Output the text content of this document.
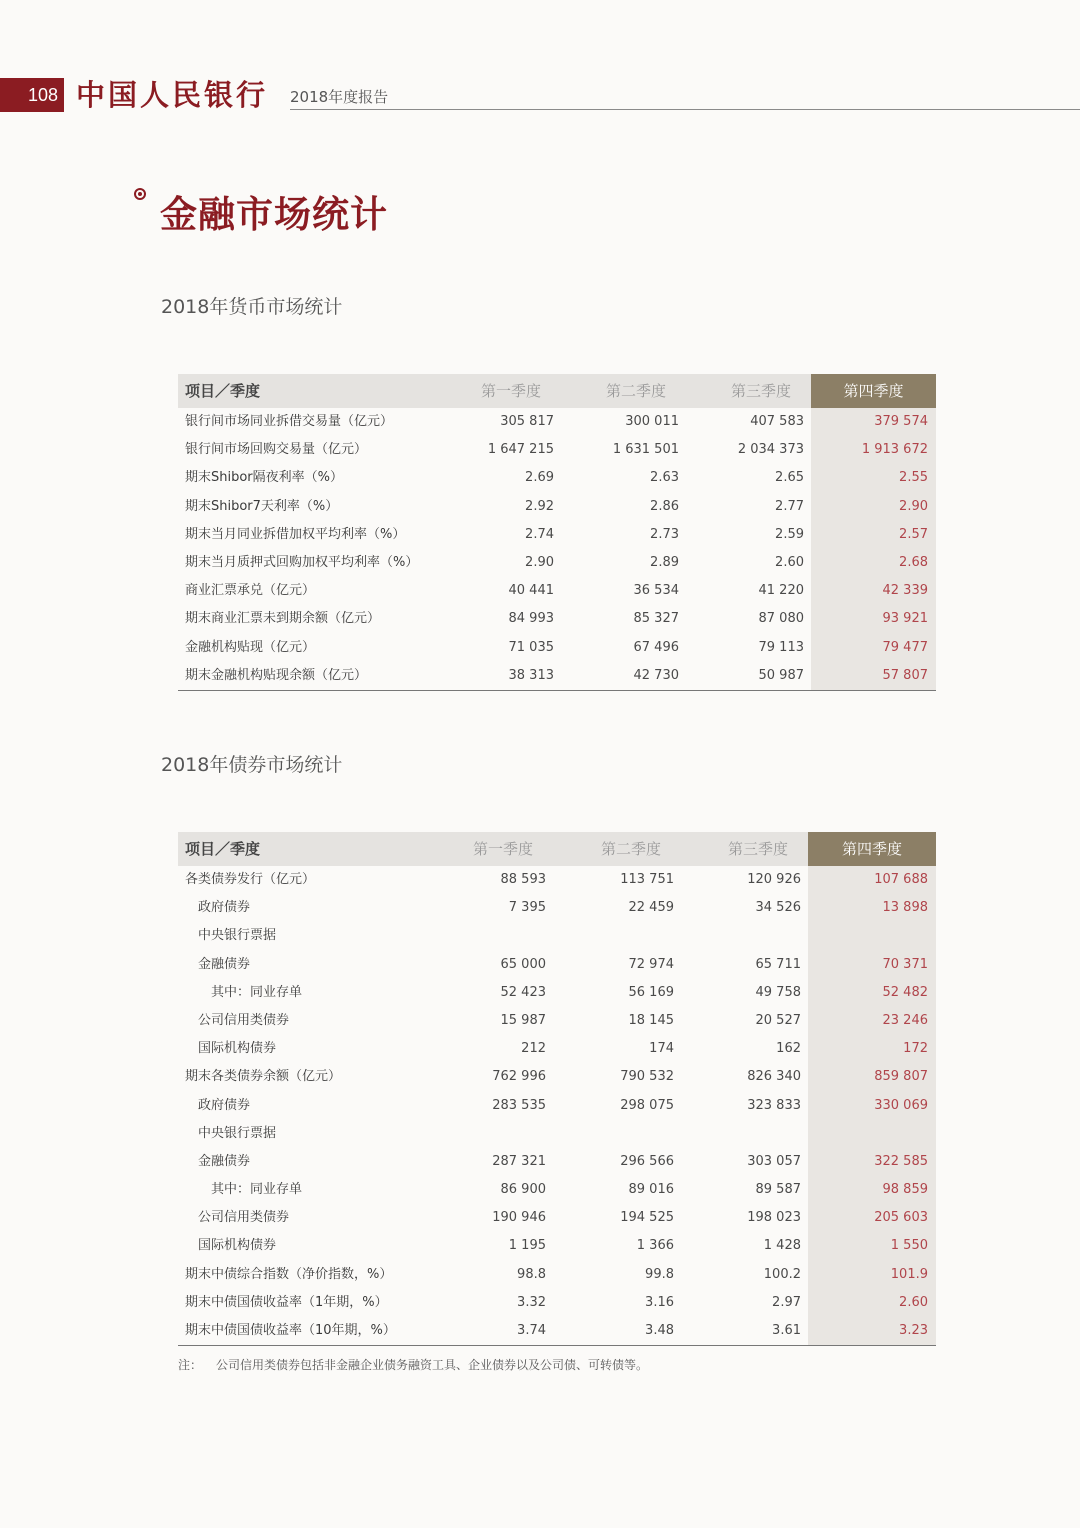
108 中国人民银行 2018年度报告
金融市场统计
2018年货币市场统计
项目／季度	第一季度	第二季度	第三季度	第四季度
银行间市场同业拆借交易量（亿元）	305 817	300 011	407 583	379 574
银行间市场回购交易量（亿元）	1 647 215	1 631 501	2 034 373	1 913 672
期末Shibor隔夜利率（%）	2.69	2.63	2.65	2.55
期末Shibor7天利率（%）	2.92	2.86	2.77	2.90
期末当月同业拆借加权平均利率（%）	2.74	2.73	2.59	2.57
期末当月质押式回购加权平均利率（%）	2.90	2.89	2.60	2.68
商业汇票承兑（亿元）	40 441	36 534	41 220	42 339
期末商业汇票未到期余额（亿元）	84 993	85 327	87 080	93 921
金融机构贴现（亿元）	71 035	67 496	79 113	79 477
期末金融机构贴现余额（亿元）	38 313	42 730	50 987	57 807
2018年债券市场统计
项目／季度	第一季度	第二季度	第三季度	第四季度
各类债券发行（亿元）	88 593	113 751	120 926	107 688
政府债券	7 395	22 459	34 526	13 898
中央银行票据
金融债券	65 000	72 974	65 711	70 371
其中：同业存单	52 423	56 169	49 758	52 482
公司信用类债券	15 987	18 145	20 527	23 246
国际机构债券	212	174	162	172
期末各类债券余额（亿元）	762 996	790 532	826 340	859 807
政府债券	283 535	298 075	323 833	330 069
中央银行票据
金融债券	287 321	296 566	303 057	322 585
其中：同业存单	86 900	89 016	89 587	98 859
公司信用类债券	190 946	194 525	198 023	205 603
国际机构债券	1 195	1 366	1 428	1 550
期末中债综合指数（净价指数，%）	98.8	99.8	100.2	101.9
期末中债国债收益率（1年期，%）	3.32	3.16	2.97	2.60
期末中债国债收益率（10年期，%）	3.74	3.48	3.61	3.23
注： 公司信用类债券包括非金融企业债务融资工具、企业债券以及公司债、可转债等。
